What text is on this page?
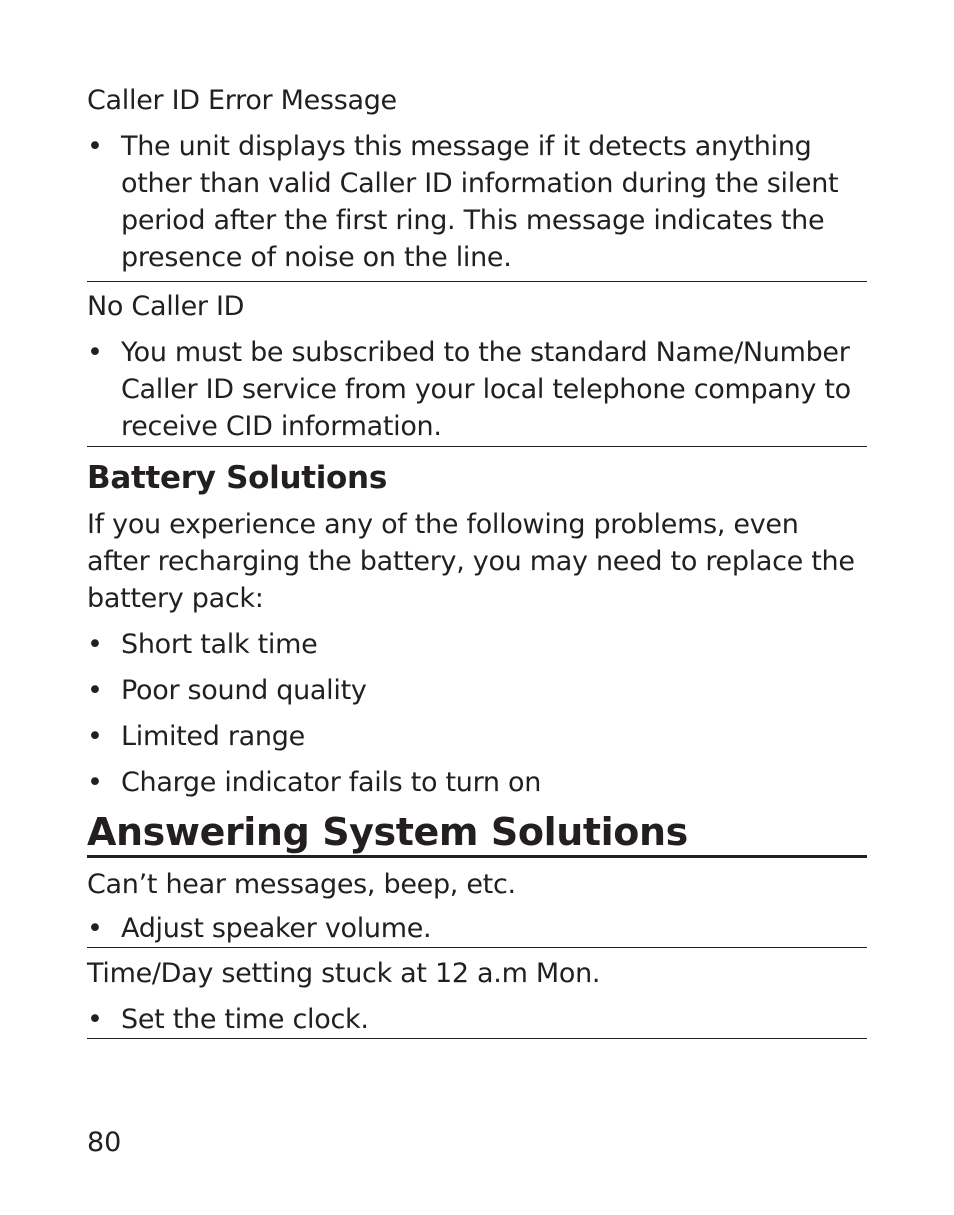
Caller ID Error Message

• The unit displays this message if it detects anything other than valid Caller ID information during the silent period after the first ring. This message indicates the presence of noise on the line.

No Caller ID

• You must be subscribed to the standard Name/Number Caller ID service from your local telephone company to receive CID information.
Battery Solutions

If you experience any of the following problems, even after recharging the battery, you may need to replace the battery pack:

• Short talk time
• Poor sound quality
• Limited range
• Charge indicator fails to turn on
Answering System Solutions

Can’t hear messages, beep, etc.

• Adjust speaker volume.

Time/Day setting stuck at 12 a.m Mon.

• Set the time clock.
80
